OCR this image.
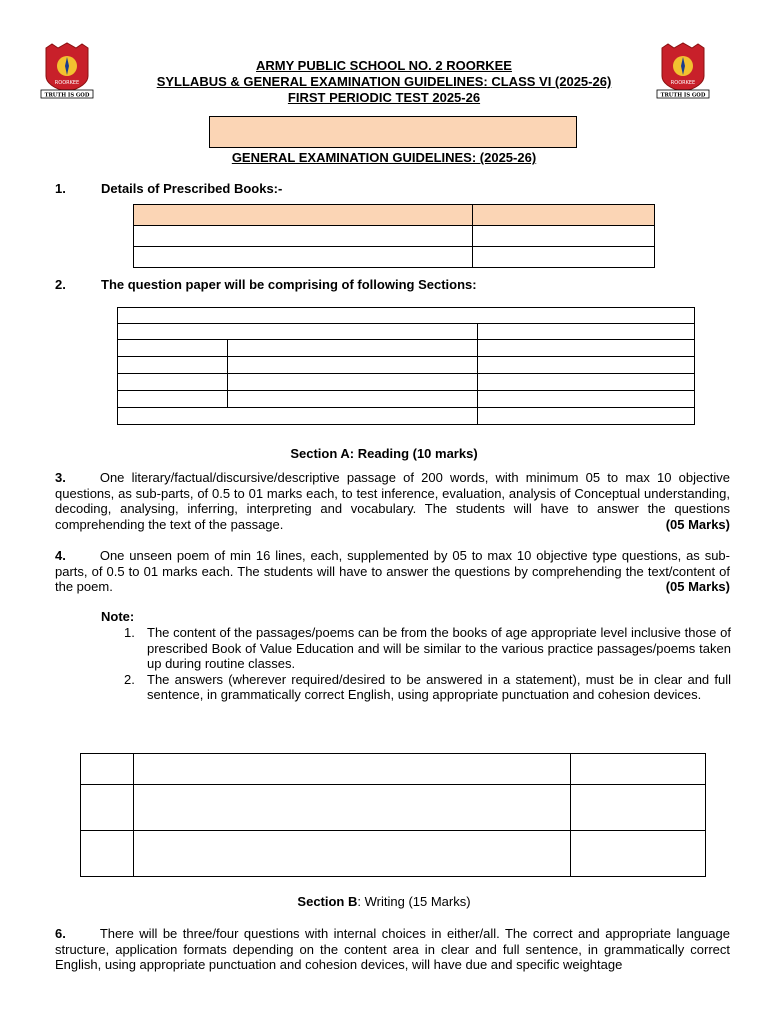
ROORKEE
TRUTH IS GOD
ROORKEE
TRUTH IS GOD
ARMY PUBLIC SCHOOL NO. 2 ROORKEE
SYLLABUS & GENERAL EXAMINATION GUIDELINES: CLASS VI (2025-26)
FIRST PERIODIC TEST 2025-26
GENERAL EXAMINATION GUIDELINES: (2025-26)
1.	Details of Prescribed Books:-

2.	The question paper will be comprising of following Sections:

Section A: Reading (10 marks)
3.	One literary/factual/discursive/descriptive passage of 200 words, with minimum 05 to max 10 objective questions, as sub-parts, of 0.5 to 01 marks each, to test inference, evaluation, analysis of Conceptual understanding, decoding, analysing, inferring, interpreting and vocabulary. The students will have to answer the questions comprehending the text of the passage.	(05 Marks)
4.	One unseen poem of min 16 lines, each, supplemented by 05 to max 10 objective type questions, as sub-parts, of 0.5 to 01 marks each. The students will have to answer the questions by comprehending the text/content of the poem.	(05 Marks)
Note:
1. The content of the passages/poems can be from the books of age appropriate level inclusive those of prescribed Book of Value Education and will be similar to the various practice passages/poems taken up during routine classes.
2. The answers (wherever required/desired to be answered in a statement), must be in clear and full sentence, in grammatically correct English, using appropriate punctuation and cohesion devices.

Section B: Writing (15 Marks)
6.	There will be three/four questions with internal choices in either/all. The correct and appropriate language structure, application formats depending on the content area in clear and full sentence, in grammatically correct English, using appropriate punctuation and cohesion devices, will have due and specific weightage
